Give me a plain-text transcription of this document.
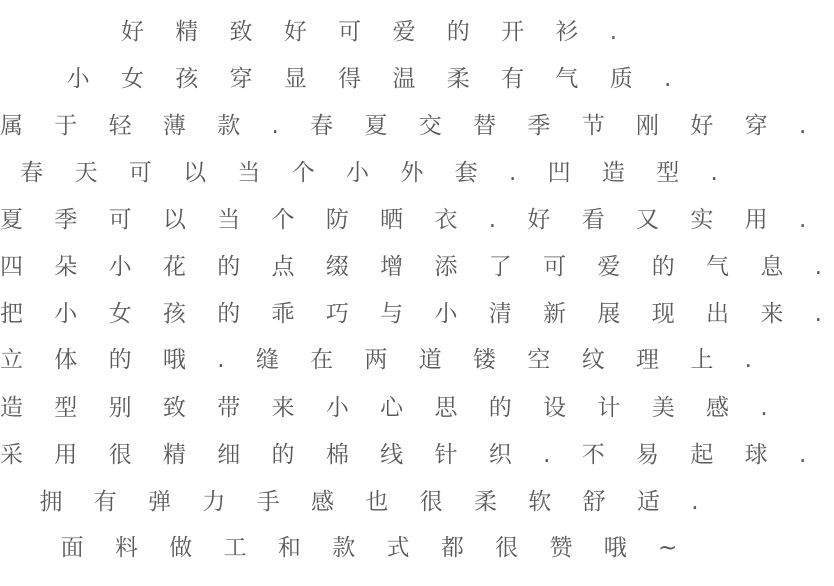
好 精 致 好 可 爱 的 开 衫 .
小 女 孩 穿 显 得 温 柔 有 气 质 .
属 于 轻 薄 款 . 春 夏 交 替 季 节 刚 好 穿 .
春 天 可 以 当 个 小 外 套 . 凹 造 型 .
夏 季 可 以 当 个 防 晒 衣 . 好 看 又 实 用 .
四 朵 小 花 的 点 缀 增 添 了 可 爱 的 气 息 .
把 小 女 孩 的 乖 巧 与 小 清 新 展 现 出 来 .
立 体 的 哦 . 缝 在 两 道 镂 空 纹 理 上 .
造 型 别 致 带 来 小 心 思 的 设 计 美 感 .
采 用 很 精 细 的 棉 线 针 织 . 不 易 起 球 .
拥 有 弹 力 手 感 也 很 柔 软 舒 适 .
面 料 做 工 和 款 式 都 很 赞 哦 ~
